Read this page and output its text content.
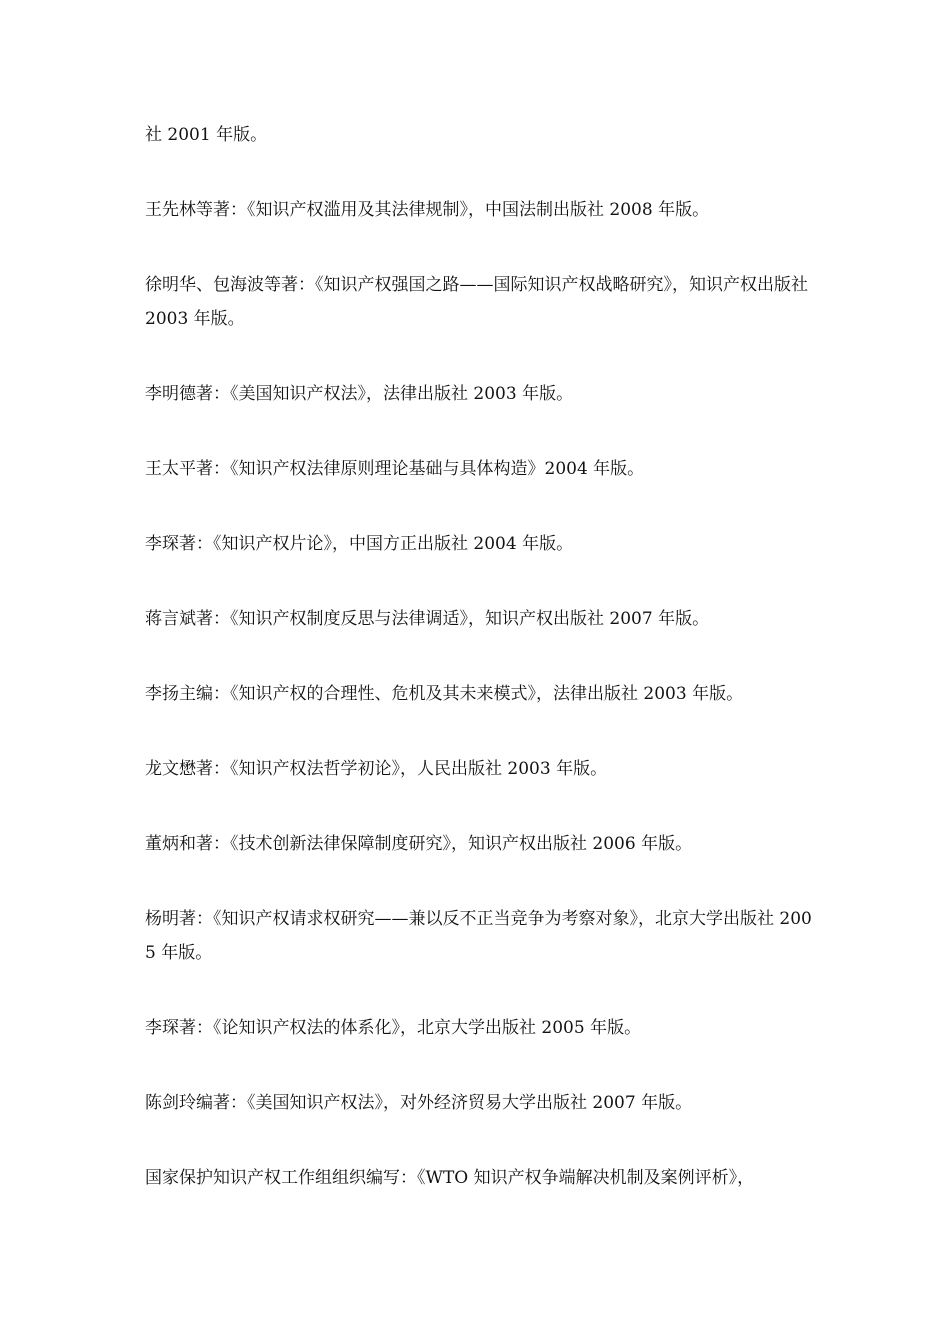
社 2001 年版。

王先林等著：《知识产权滥用及其法律规制》，中国法制出版社 2008 年版。

徐明华、包海波等著：《知识产权强国之路——国际知识产权战略研究》，知识产权出版社 2003 年版。

李明德著：《美国知识产权法》，法律出版社 2003 年版。

王太平著：《知识产权法律原则理论基础与具体构造》2004 年版。

李琛著：《知识产权片论》，中国方正出版社 2004 年版。

蒋言斌著：《知识产权制度反思与法律调适》，知识产权出版社 2007 年版。

李扬主编：《知识产权的合理性、危机及其未来模式》，法律出版社 2003 年版。

龙文懋著：《知识产权法哲学初论》，人民出版社 2003 年版。

董炳和著：《技术创新法律保障制度研究》，知识产权出版社 2006 年版。

杨明著：《知识产权请求权研究——兼以反不正当竞争为考察对象》，北京大学出版社 2005 年版。

李琛著：《论知识产权法的体系化》，北京大学出版社 2005 年版。

陈剑玲编著：《美国知识产权法》，对外经济贸易大学出版社 2007 年版。

国家保护知识产权工作组组织编写：《WTO 知识产权争端解决机制及案例评析》，
